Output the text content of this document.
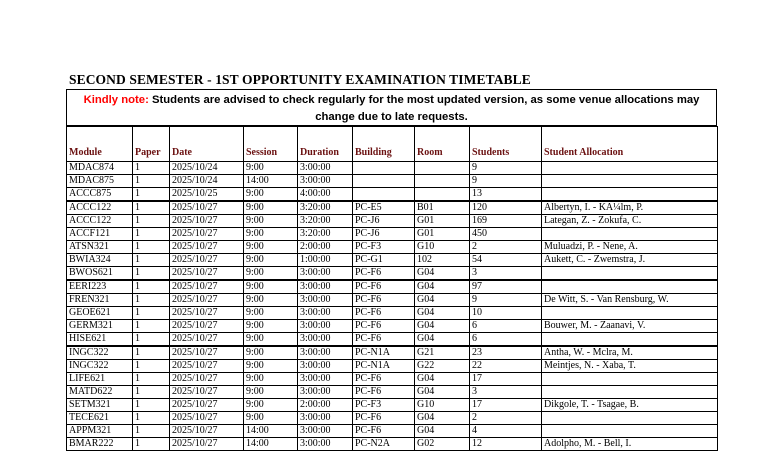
SECOND SEMESTER - 1ST OPPORTUNITY EXAMINATION TIMETABLE
Kindly note: Students are advised to check regularly for the most updated version, as some venue allocations may change due to late requests.
Module	Paper	Date	Session	Duration	Building	Room	Students	Student Allocation
MDAC874	1	2025/10/24	9:00	3:00:00			9	
MDAC875	1	2025/10/24	14:00	3:00:00			9	
ACCC875	1	2025/10/25	9:00	4:00:00			13	
ACCC122	1	2025/10/27	9:00	3:20:00	PC-E5	B01	120	Albertyn, I. - KA¼lm, P.
ACCC122	1	2025/10/27	9:00	3:20:00	PC-J6	G01	169	Lategan, Z. - Zokufa, C.
ACCF121	1	2025/10/27	9:00	3:20:00	PC-J6	G01	450	
ATSN321	1	2025/10/27	9:00	2:00:00	PC-F3	G10	2	Muluadzi, P. - Nene, A.
BWIA324	1	2025/10/27	9:00	1:00:00	PC-G1	102	54	Aukett, C. - Zwemstra, J.
BWOS621	1	2025/10/27	9:00	3:00:00	PC-F6	G04	3	
EERI223	1	2025/10/27	9:00	3:00:00	PC-F6	G04	97	
FREN321	1	2025/10/27	9:00	3:00:00	PC-F6	G04	9	De Witt, S. - Van Rensburg, W.
GEOE621	1	2025/10/27	9:00	3:00:00	PC-F6	G04	10	
GERM321	1	2025/10/27	9:00	3:00:00	PC-F6	G04	6	Bouwer, M. - Zaanavi, V.
HISE621	1	2025/10/27	9:00	3:00:00	PC-F6	G04	6	
INGC322	1	2025/10/27	9:00	3:00:00	PC-N1A	G21	23	Antha, W. - Mclra, M.
INGC322	1	2025/10/27	9:00	3:00:00	PC-N1A	G22	22	Meintjes, N. - Xaba, T.
LIFE621	1	2025/10/27	9:00	3:00:00	PC-F6	G04	17	
MATD622	1	2025/10/27	9:00	3:00:00	PC-F6	G04	3	
SETM321	1	2025/10/27	9:00	2:00:00	PC-F3	G10	17	Dikgole, T. - Tsagae, B.
TECE621	1	2025/10/27	9:00	3:00:00	PC-F6	G04	2	
APPM321	1	2025/10/27	14:00	3:00:00	PC-F6	G04	4	
BMAR222	1	2025/10/27	14:00	3:00:00	PC-N2A	G02	12	Adolpho, M. - Bell, I.
